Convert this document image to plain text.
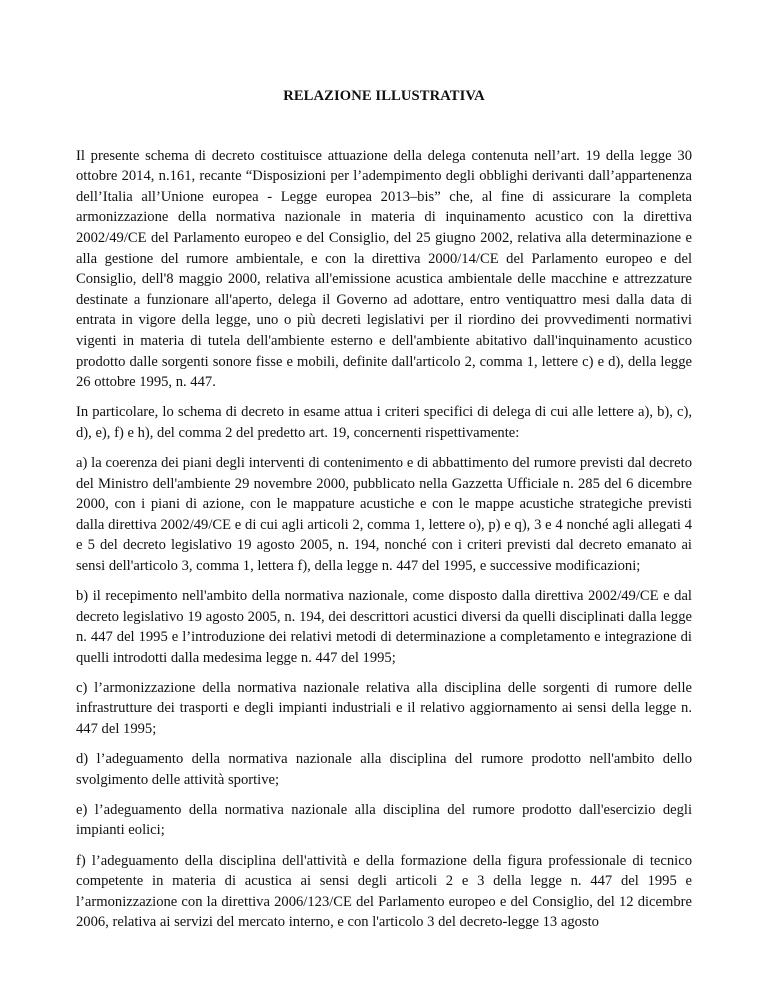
RELAZIONE ILLUSTRATIVA

Il presente schema di decreto costituisce attuazione della delega contenuta nell’art. 19 della legge 30 ottobre 2014, n.161, recante “Disposizioni per l’adempimento degli obblighi derivanti dall’appartenenza dell’Italia all’Unione europea - Legge europea 2013–bis” che, al fine di assicurare la completa armonizzazione della normativa nazionale in materia di inquinamento acustico con la direttiva 2002/49/CE del Parlamento europeo e del Consiglio, del 25 giugno 2002, relativa alla determinazione e alla gestione del rumore ambientale, e con la direttiva 2000/14/CE del Parlamento europeo e del Consiglio, dell'8 maggio 2000, relativa all'emissione acustica ambientale delle macchine e attrezzature destinate a funzionare all'aperto, delega il Governo ad adottare, entro ventiquattro mesi dalla data di entrata in vigore della legge, uno o più decreti legislativi per il riordino dei provvedimenti normativi vigenti in materia di tutela dell'ambiente esterno e dell'ambiente abitativo dall'inquinamento acustico prodotto dalle sorgenti sonore fisse e mobili, definite dall'articolo 2, comma 1, lettere c) e d), della legge 26 ottobre 1995, n. 447.

In particolare, lo schema di decreto in esame attua i criteri specifici di delega di cui alle lettere a), b), c), d), e), f) e h), del comma 2 del predetto art. 19, concernenti rispettivamente:

a) la coerenza dei piani degli interventi di contenimento e di abbattimento del rumore previsti dal decreto del Ministro dell'ambiente 29 novembre 2000, pubblicato nella Gazzetta Ufficiale n. 285 del 6 dicembre 2000, con i piani di azione, con le mappature acustiche e con le mappe acustiche strategiche previsti dalla direttiva 2002/49/CE e di cui agli articoli 2, comma 1, lettere o), p) e q), 3 e 4 nonché agli allegati 4 e 5 del decreto legislativo 19 agosto 2005, n. 194, nonché con i criteri previsti dal decreto emanato ai sensi dell'articolo 3, comma 1, lettera f), della legge n. 447 del 1995, e successive modificazioni;

b) il recepimento nell'ambito della normativa nazionale, come disposto dalla direttiva 2002/49/CE e dal decreto legislativo 19 agosto 2005, n. 194, dei descrittori acustici diversi da quelli disciplinati dalla legge n. 447 del 1995 e l’introduzione dei relativi metodi di determinazione a completamento e integrazione di quelli introdotti dalla medesima legge n. 447 del 1995;

c) l’armonizzazione della normativa nazionale relativa alla disciplina delle sorgenti di rumore delle infrastrutture dei trasporti e degli impianti industriali e il relativo aggiornamento ai sensi della legge n. 447 del 1995;

d) l’adeguamento della normativa nazionale alla disciplina del rumore prodotto nell'ambito dello svolgimento delle attività sportive;

e) l’adeguamento della normativa nazionale alla disciplina del rumore prodotto dall'esercizio degli impianti eolici;

f) l’adeguamento della disciplina dell'attività e della formazione della figura professionale di tecnico competente in materia di acustica ai sensi degli articoli 2 e 3 della legge n. 447 del 1995 e l’armonizzazione con la direttiva 2006/123/CE del Parlamento europeo e del Consiglio, del 12 dicembre 2006, relativa ai servizi del mercato interno, e con l'articolo 3 del decreto-legge 13 agosto
